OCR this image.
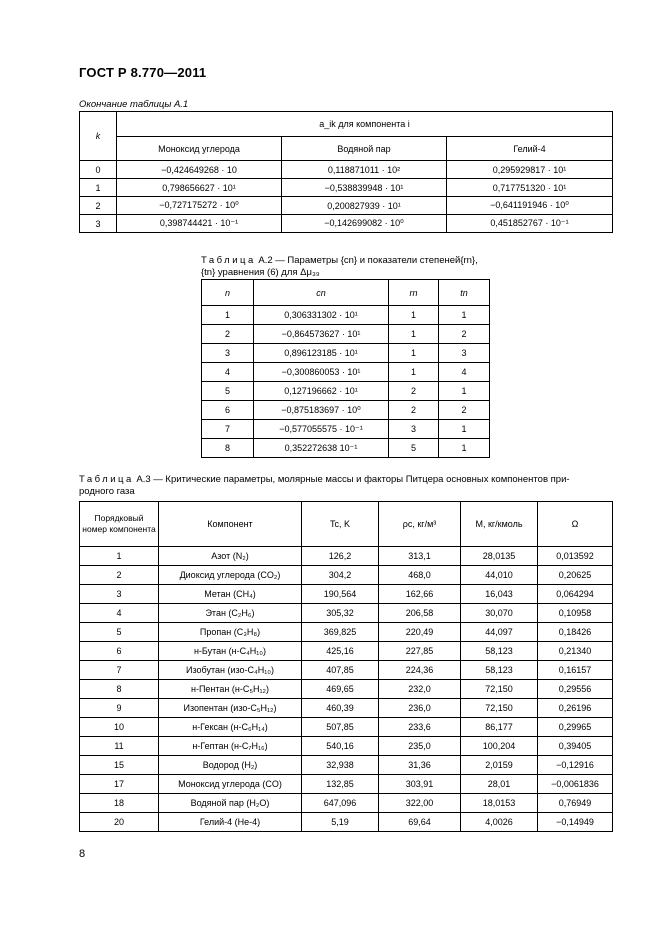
ГОСТ Р 8.770—2011
Окончание таблицы А.1
k	a_ik для компонента i		
	Моноксид углерода	Водяной пар	Гелий-4
0	−0,424649268 · 10	0,118871011 · 10²	0,295929817 · 10¹
1	0,798656627 · 10¹	−0,538839948 · 10¹	0,717751320 · 10¹
2	−0,727175272 · 10⁰	0,200827939 · 10¹	−0,641191946 · 10⁰
3	0,398744421 · 10⁻¹	−0,142699082 · 10⁰	0,451852767 · 10⁻¹
Таблица А.2 — Параметры {cn} и показатели степеней{rn},
{tn} уравнения (6) для Δμ₃₉
n	cn	rn	tn
1	0,306331302 · 10¹	1	1
2	−0,864573627 · 10¹	1	2
3	0,896123185 · 10¹	1	3
4	−0,300860053 · 10¹	1	4
5	0,127196662 · 10¹	2	1
6	−0,875183697 · 10⁰	2	2
7	−0,577055575 · 10⁻¹	3	1
8	0,352272638 10⁻¹	5	1
Таблица А.3 — Критические параметры, молярные массы и факторы Питцера основных компонентов при-
родного газа
Порядковый номер компонента	Компонент	Tc, K	ρc, кг/м³	M, кг/кмоль	Ω
1	Азот (N₂)	126,2	313,1	28,0135	0,013592
2	Диоксид углерода (CO₂)	304,2	468,0	44,010	0,20625
3	Метан (CH₄)	190,564	162,66	16,043	0,064294
4	Этан (C₂H₆)	305,32	206,58	30,070	0,10958
5	Пропан (C₃H₈)	369,825	220,49	44,097	0,18426
6	н-Бутан (н-C₄H₁₀)	425,16	227,85	58,123	0,21340
7	Изобутан (изо-C₄H₁₀)	407,85	224,36	58,123	0,16157
8	н-Пентан (н-C₅H₁₂)	469,65	232,0	72,150	0,29556
9	Изопентан (изо-C₅H₁₂)	460,39	236,0	72,150	0,26196
10	н-Гексан (н-C₆H₁₄)	507,85	233,6	86,177	0,29965
11	н-Гептан (н-C₇H₁₆)	540,16	235,0	100,204	0,39405
15	Водород (H₂)	32,938	31,36	2,0159	−0,12916
17	Моноксид углерода (CO)	132,85	303,91	28,01	−0,0061836
18	Водяной пар (H₂O)	647,096	322,00	18,0153	0,76949
20	Гелий-4 (He-4)	5,19	69,64	4,0026	−0,14949
8
